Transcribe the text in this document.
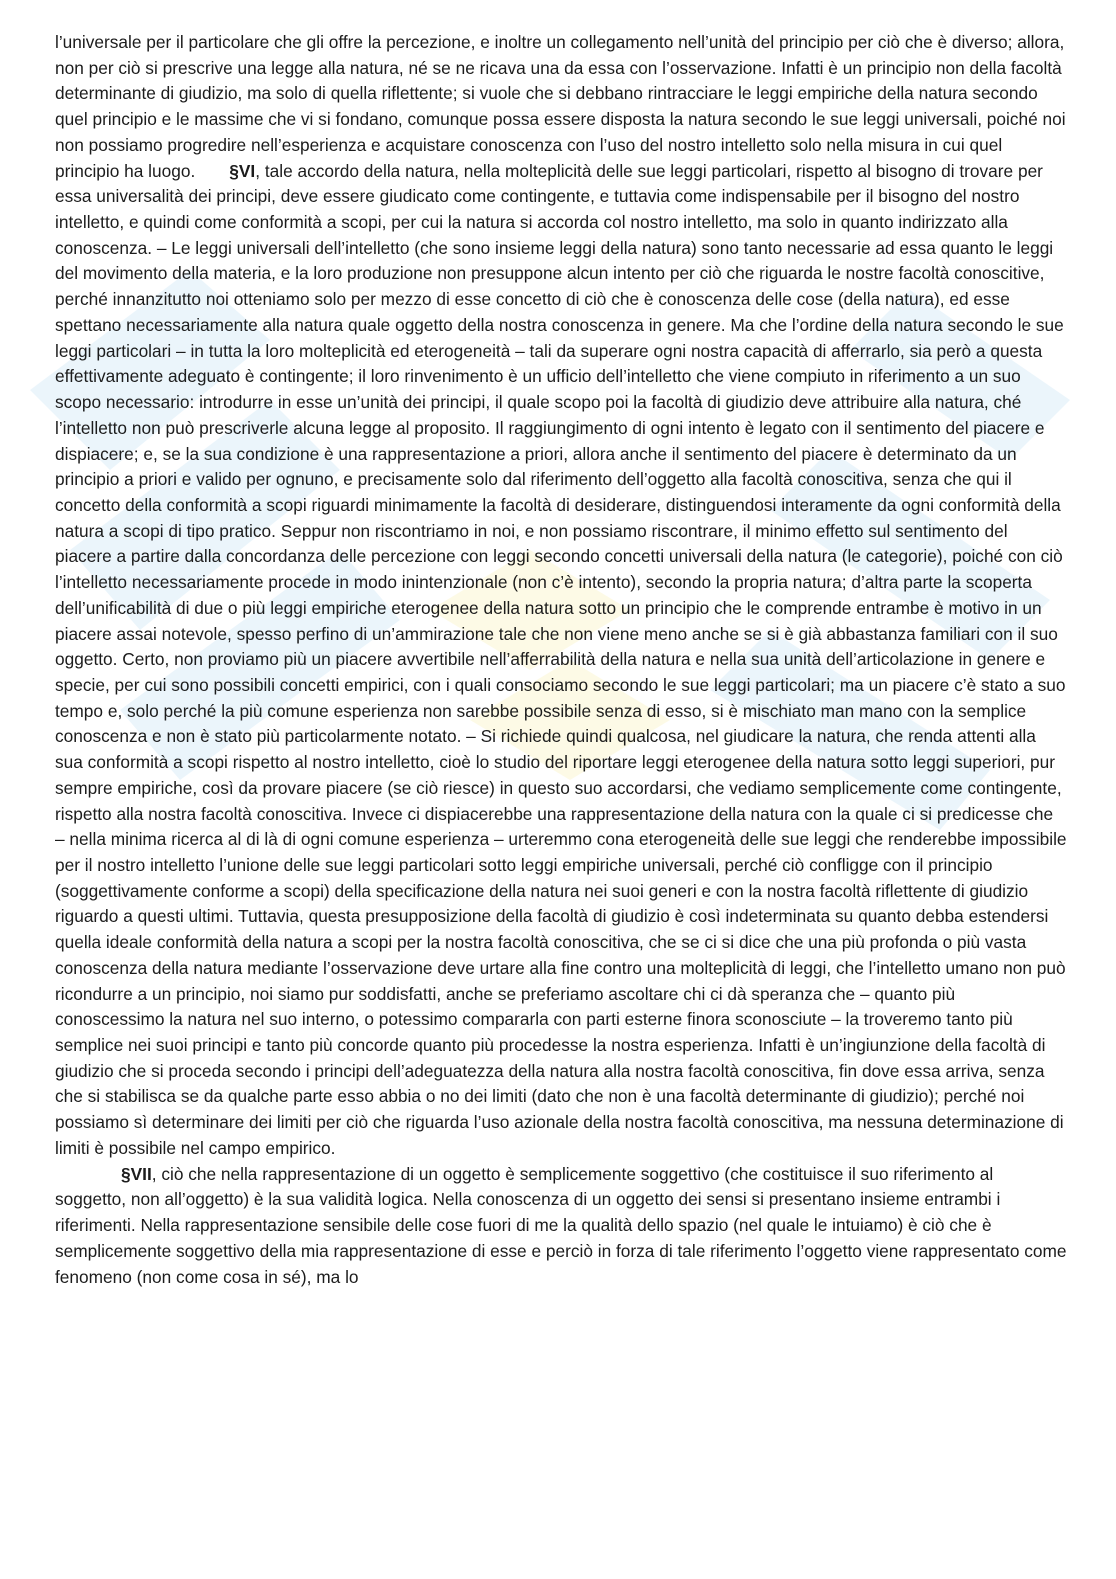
l’universale per il particolare che gli offre la percezione, e inoltre un collegamento nell’unità del principio per ciò che è diverso; allora, non per ciò si prescrive una legge alla natura, né se ne ricava una da essa con l’osservazione. Infatti è un principio non della facoltà determinante di giudizio, ma solo di quella riflettente; si vuole che si debbano rintracciare le leggi empiriche della natura secondo quel principio e le massime che vi si fondano, comunque possa essere disposta la natura secondo le sue leggi universali, poiché noi non possiamo progredire nell’esperienza e acquistare conoscenza con l’uso del nostro intelletto solo nella misura in cui quel principio ha luogo. §VI, tale accordo della natura, nella molteplicità delle sue leggi particolari, rispetto al bisogno di trovare per essa universalità dei principi, deve essere giudicato come contingente, e tuttavia come indispensabile per il bisogno del nostro intelletto, e quindi come conformità a scopi, per cui la natura si accorda col nostro intelletto, ma solo in quanto indirizzato alla conoscenza. – Le leggi universali dell’intelletto (che sono insieme leggi della natura) sono tanto necessarie ad essa quanto le leggi del movimento della materia, e la loro produzione non presuppone alcun intento per ciò che riguarda le nostre facoltà conoscitive, perché innanzitutto noi otteniamo solo per mezzo di esse concetto di ciò che è conoscenza delle cose (della natura), ed esse spettano necessariamente alla natura quale oggetto della nostra conoscenza in genere. Ma che l’ordine della natura secondo le sue leggi particolari – in tutta la loro molteplicità ed eterogeneità – tali da superare ogni nostra capacità di afferrarlo, sia però a questa effettivamente adeguato è contingente; il loro rinvenimento è un ufficio dell’intelletto che viene compiuto in riferimento a un suo scopo necessario: introdurre in esse un’unità dei principi, il quale scopo poi la facoltà di giudizio deve attribuire alla natura, ché l’intelletto non può prescriverle alcuna legge al proposito. Il raggiungimento di ogni intento è legato con il sentimento del piacere e dispiacere; e, se la sua condizione è una rappresentazione a priori, allora anche il sentimento del piacere è determinato da un principio a priori e valido per ognuno, e precisamente solo dal riferimento dell’oggetto alla facoltà conoscitiva, senza che qui il concetto della conformità a scopi riguardi minimamente la facoltà di desiderare, distinguendosi interamente da ogni conformità della natura a scopi di tipo pratico. Seppur non riscontriamo in noi, e non possiamo riscontrare, il minimo effetto sul sentimento del piacere a partire dalla concordanza delle percezione con leggi secondo concetti universali della natura (le categorie), poiché con ciò l’intelletto necessariamente procede in modo inintenzionale (non c’è intento), secondo la propria natura; d’altra parte la scoperta dell’unificabilità di due o più leggi empiriche eterogenee della natura sotto un principio che le comprende entrambe è motivo in un piacere assai notevole, spesso perfino di un’ammirazione tale che non viene meno anche se si è già abbastanza familiari con il suo oggetto. Certo, non proviamo più un piacere avvertibile nell’afferrabilità della natura e nella sua unità dell’articolazione in genere e specie, per cui sono possibili concetti empirici, con i quali consociamo secondo le sue leggi particolari; ma un piacere c’è stato a suo tempo e, solo perché la più comune esperienza non sarebbe possibile senza di esso, si è mischiato man mano con la semplice conoscenza e non è stato più particolarmente notato. – Si richiede quindi qualcosa, nel giudicare la natura, che renda attenti alla sua conformità a scopi rispetto al nostro intelletto, cioè lo studio del riportare leggi eterogenee della natura sotto leggi superiori, pur sempre empiriche, così da provare piacere (se ciò riesce) in questo suo accordarsi, che vediamo semplicemente come contingente, rispetto alla nostra facoltà conoscitiva. Invece ci dispiacerebbe una rappresentazione della natura con la quale ci si predicesse che – nella minima ricerca al di là di ogni comune esperienza – urteremmo cona eterogeneità delle sue leggi che renderebbe impossibile per il nostro intelletto l’unione delle sue leggi particolari sotto leggi empiriche universali, perché ciò confligge con il principio (soggettivamente conforme a scopi) della specificazione della natura nei suoi generi e con la nostra facoltà riflettente di giudizio riguardo a questi ultimi. Tuttavia, questa presupposizione della facoltà di giudizio è così indeterminata su quanto debba estendersi quella ideale conformità della natura a scopi per la nostra facoltà conoscitiva, che se ci si dice che una più profonda o più vasta conoscenza della natura mediante l’osservazione deve urtare alla fine contro una molteplicità di leggi, che l’intelletto umano non può ricondurre a un principio, noi siamo pur soddisfatti, anche se preferiamo ascoltare chi ci dà speranza che – quanto più conoscessimo la natura nel suo interno, o potessimo compararla con parti esterne finora sconosciute – la troveremo tanto più semplice nei suoi principi e tanto più concorde quanto più procedesse la nostra esperienza. Infatti è un’ingiunzione della facoltà di giudizio che si proceda secondo i principi dell’adeguatezza della natura alla nostra facoltà conoscitiva, fin dove essa arriva, senza che si stabilisca se da qualche parte esso abbia o no dei limiti (dato che non è una facoltà determinante di giudizio); perché noi possiamo sì determinare dei limiti per ciò che riguarda l’uso azionale della nostra facoltà conoscitiva, ma nessuna determinazione di limiti è possibile nel campo empirico.

§VII, ciò che nella rappresentazione di un oggetto è semplicemente soggettivo (che costituisce il suo riferimento al soggetto, non all’oggetto) è la sua validità logica. Nella conoscenza di un oggetto dei sensi si presentano insieme entrambi i riferimenti. Nella rappresentazione sensibile delle cose fuori di me la qualità dello spazio (nel quale le intuiamo) è ciò che è semplicemente soggettivo della mia rappresentazione di esse e perciò in forza di tale riferimento l’oggetto viene rappresentato come fenomeno (non come cosa in sé), ma lo
